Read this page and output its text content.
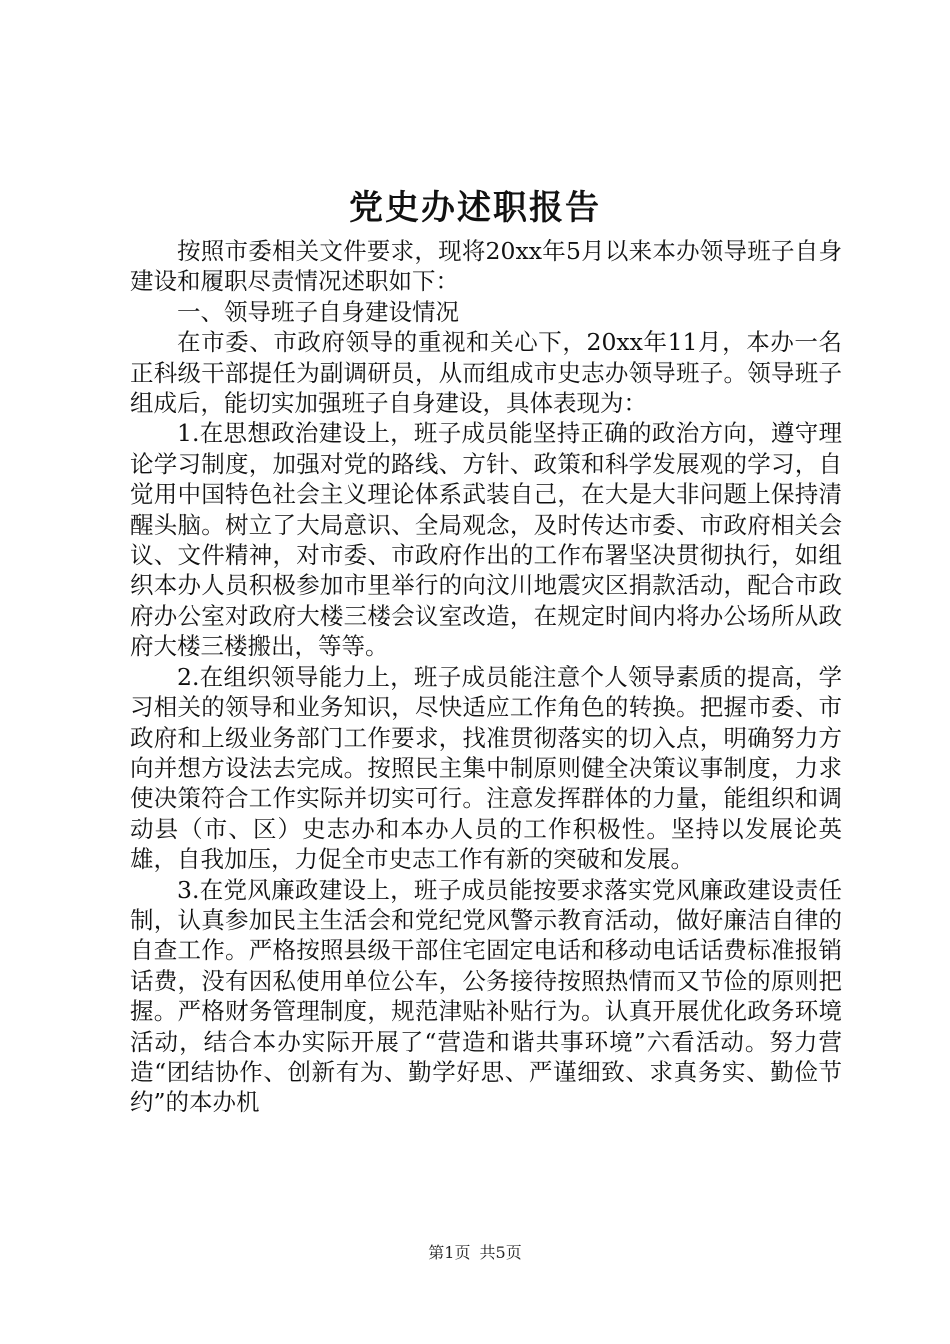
党史办述职报告

按照市委相关文件要求，现将20xx年5月以来本办领导班子自身建设和履职尽责情况述职如下：

一、领导班子自身建设情况

在市委、市政府领导的重视和关心下，20xx年11月，本办一名正科级干部提任为副调研员，从而组成市史志办领导班子。领导班子组成后，能切实加强班子自身建设，具体表现为：

1.在思想政治建设上，班子成员能坚持正确的政治方向，遵守理论学习制度，加强对党的路线、方针、政策和科学发展观的学习，自觉用中国特色社会主义理论体系武装自己，在大是大非问题上保持清醒头脑。树立了大局意识、全局观念，及时传达市委、市政府相关会议、文件精神，对市委、市政府作出的工作布署坚决贯彻执行，如组织本办人员积极参加市里举行的向汶川地震灾区捐款活动，配合市政府办公室对政府大楼三楼会议室改造，在规定时间内将办公场所从政府大楼三楼搬出，等等。

2.在组织领导能力上，班子成员能注意个人领导素质的提高，学习相关的领导和业务知识，尽快适应工作角色的转换。把握市委、市政府和上级业务部门工作要求，找准贯彻落实的切入点，明确努力方向并想方设法去完成。按照民主集中制原则健全决策议事制度，力求使决策符合工作实际并切实可行。注意发挥群体的力量，能组织和调动县（市、区）史志办和本办人员的工作积极性。坚持以发展论英雄，自我加压，力促全市史志工作有新的突破和发展。

3.在党风廉政建设上，班子成员能按要求落实党风廉政建设责任制，认真参加民主生活会和党纪党风警示教育活动，做好廉洁自律的自查工作。严格按照县级干部住宅固定电话和移动电话话费标准报销话费，没有因私使用单位公车，公务接待按照热情而又节俭的原则把握。严格财务管理制度，规范津贴补贴行为。认真开展优化政务环境活动，结合本办实际开展了“营造和谐共事环境”六看活动。努力营造“团结协作、创新有为、勤学好思、严谨细致、求真务实、勤俭节约”的本办机

第1页 共5页
